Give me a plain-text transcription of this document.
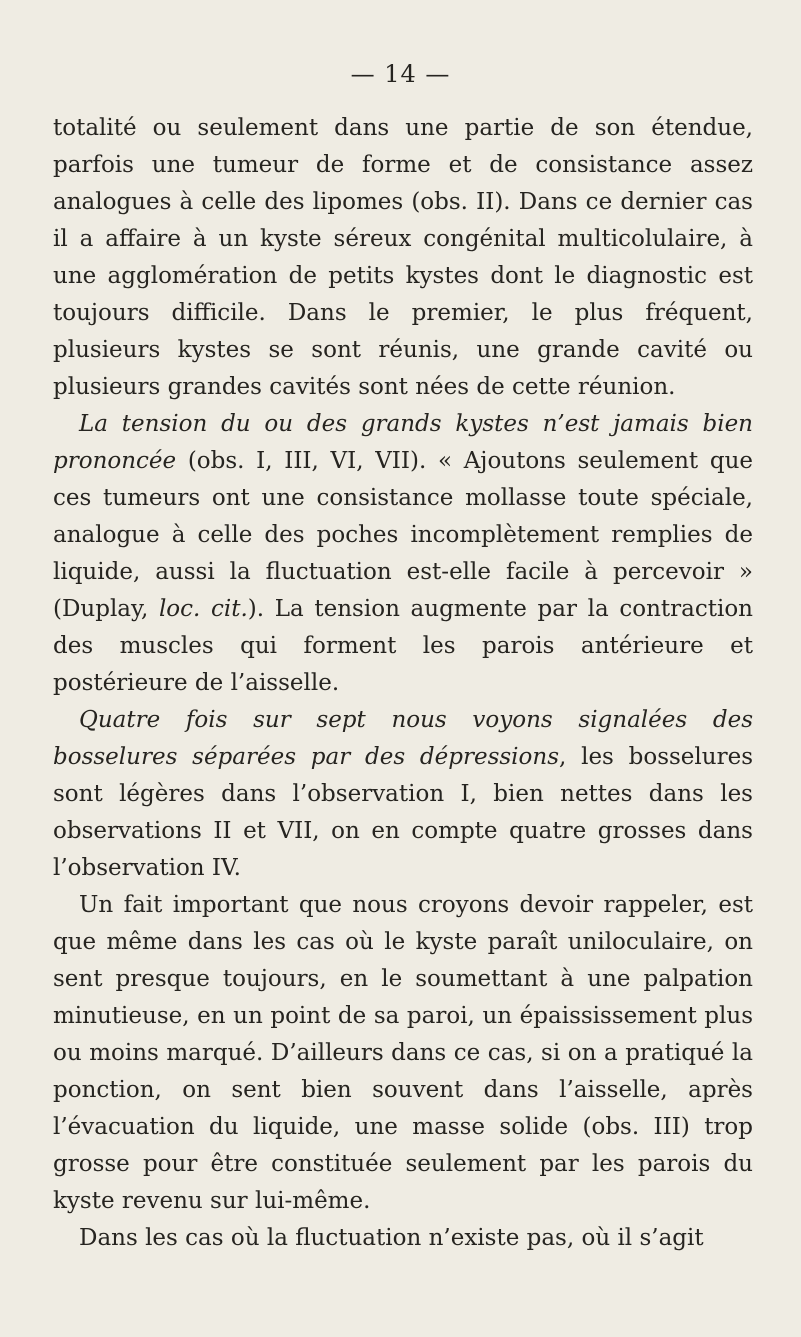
— 14 —

totalité ou seulement dans une partie de son étendue, parfois une tumeur de forme et de consistance assez analogues à celle des lipomes (obs. II). Dans ce dernier cas il a affaire à un kyste séreux congénital multicolulaire, à une agglomération de petits kystes dont le diagnostic est toujours difficile. Dans le premier, le plus fréquent, plusieurs kystes se sont réunis, une grande cavité ou plusieurs grandes cavités sont nées de cette réunion.

La tension du ou des grands kystes n’est jamais bien prononcée (obs. I, III, VI, VII). « Ajoutons seulement que ces tumeurs ont une consistance mollasse toute spéciale, analogue à celle des poches incomplètement remplies de liquide, aussi la fluctuation est-elle facile à percevoir » (Duplay, loc. cit.). La tension augmente par la contraction des muscles qui forment les parois antérieure et postérieure de l’aisselle.

Quatre fois sur sept nous voyons signalées des bosselures séparées par des dépressions, les bosselures sont légères dans l’observation I, bien nettes dans les observations II et VII, on en compte quatre grosses dans l’observation IV.

Un fait important que nous croyons devoir rappeler, est que même dans les cas où le kyste paraît uniloculaire, on sent presque toujours, en le soumettant à une palpation minutieuse, en un point de sa paroi, un épaississement plus ou moins marqué. D’ailleurs dans ce cas, si on a pratiqué la ponction, on sent bien souvent dans l’aisselle, après l’évacuation du liquide, une masse solide (obs. III) trop grosse pour être constituée seulement par les parois du kyste revenu sur lui-même.

Dans les cas où la fluctuation n’existe pas, où il s’agit
